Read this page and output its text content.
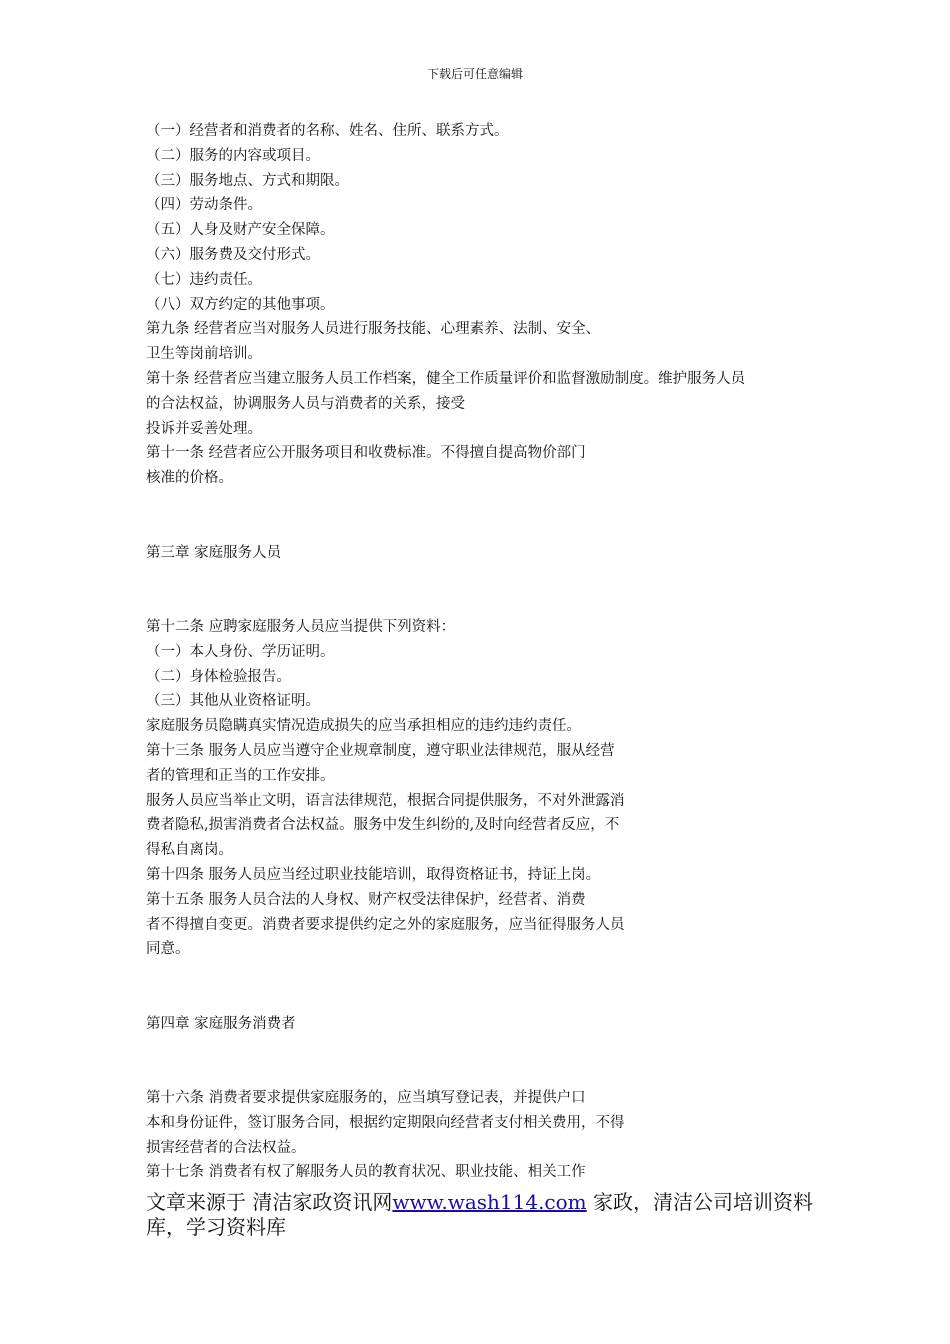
下载后可任意编辑
（一）经营者和消费者的名称、姓名、住所、联系方式。
（二）服务的内容或项目。
（三）服务地点、方式和期限。
（四）劳动条件。
（五）人身及财产安全保障。
（六）服务费及交付形式。
（七）违约责任。
（八）双方约定的其他事项。
第九条 经营者应当对服务人员进行服务技能、心理素养、法制、安全、
卫生等岗前培训。
第十条 经营者应当建立服务人员工作档案，健全工作质量评价和监督激励制度。维护服务人员
的合法权益，协调服务人员与消费者的关系，接受
投诉并妥善处理。
第十一条 经营者应公开服务项目和收费标准。不得擅自提高物价部门
核准的价格。
第三章 家庭服务人员
第十二条 应聘家庭服务人员应当提供下列资料：
（一）本人身份、学历证明。
（二）身体检验报告。
（三）其他从业资格证明。
家庭服务员隐瞒真实情况造成损失的应当承担相应的违约违约责任。
第十三条 服务人员应当遵守企业规章制度，遵守职业法律规范，服从经营
者的管理和正当的工作安排。
服务人员应当举止文明，语言法律规范，根据合同提供服务，不对外泄露消
费者隐私,损害消费者合法权益。服务中发生纠纷的,及时向经营者反应，不
得私自离岗。
第十四条 服务人员应当经过职业技能培训，取得资格证书，持证上岗。
第十五条 服务人员合法的人身权、财产权受法律保护，经营者、消费
者不得擅自变更。消费者要求提供约定之外的家庭服务，应当征得服务人员
同意。
第四章 家庭服务消费者
第十六条 消费者要求提供家庭服务的，应当填写登记表，并提供户口
本和身份证件，签订服务合同，根据约定期限向经营者支付相关费用，不得
损害经营者的合法权益。
第十七条 消费者有权了解服务人员的教育状况、职业技能、相关工作
文章来源于 清洁家政资讯网www.wash114.com 家政，清洁公司培训资料库，学习资料库
